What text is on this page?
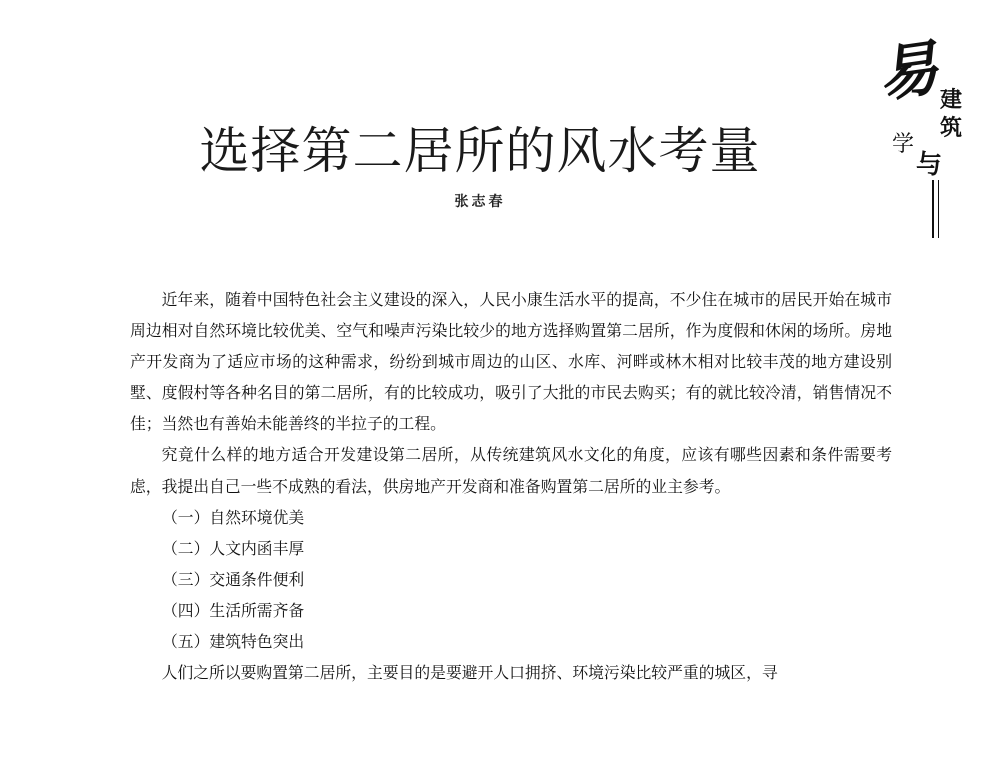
易
建
筑
学
与
选择第二居所的风水考量
张志春

近年来，随着中国特色社会主义建设的深入，人民小康生活水平的提高，不少住在城市的居民开始在城市周边相对自然环境比较优美、空气和噪声污染比较少的地方选择购置第二居所，作为度假和休闲的场所。房地产开发商为了适应市场的这种需求，纷纷到城市周边的山区、水库、河畔或林木相对比较丰茂的地方建设别墅、度假村等各种名目的第二居所，有的比较成功，吸引了大批的市民去购买；有的就比较冷清，销售情况不佳；当然也有善始未能善终的半拉子的工程。

究竟什么样的地方适合开发建设第二居所，从传统建筑风水文化的角度，应该有哪些因素和条件需要考虑，我提出自己一些不成熟的看法，供房地产开发商和准备购置第二居所的业主参考。

（一）自然环境优美

（二）人文内函丰厚

（三）交通条件便利

（四）生活所需齐备

（五）建筑特色突出

人们之所以要购置第二居所，主要目的是要避开人口拥挤、环境污染比较严重的城区，寻
